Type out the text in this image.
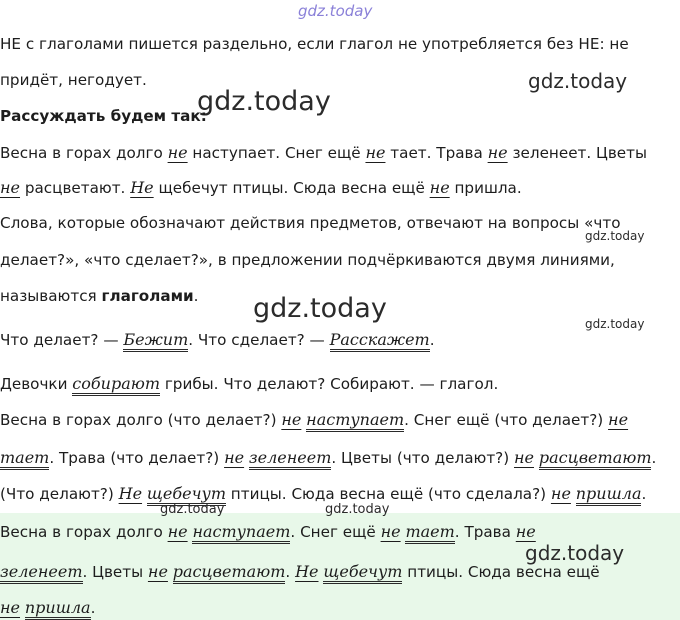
gdz.today
gdz.today
gdz.today
gdz.today
gdz.today	gdz.today
gdz.today	gdz.today
gdz.today
НЕ с глаголами пишется раздельно, если глагол не употребляется без НЕ: не
придёт, негодует.
Рассуждать будем так:
Весна в горах долго не наступает. Снег ещё не тает. Трава не зеленеет. Цветы
не расцветают. Не щебечут птицы. Сюда весна ещё не пришла.
Слова, которые обозначают действия предметов, отвечают на вопросы «что
делает?», «что сделает?», в предложении подчёркиваются двумя линиями,
называются глаголами.
Что делает? — Бежит. Что сделает? — Расскажет.
Девочки собирают грибы. Что делают? Собирают. — глагол.
Весна в горах долго (что делает?) не наступает. Снег ещё (что делает?) не
тает. Трава (что делает?) не зеленеет. Цветы (что делают?) не расцветают.
(Что делают?) Не щебечут птицы. Сюда весна ещё (что сделала?) не пришла.
Весна в горах долго не наступает. Снег ещё не тает. Трава не
зеленеет. Цветы не расцветают. Не щебечут птицы. Сюда весна ещё
не пришла.
